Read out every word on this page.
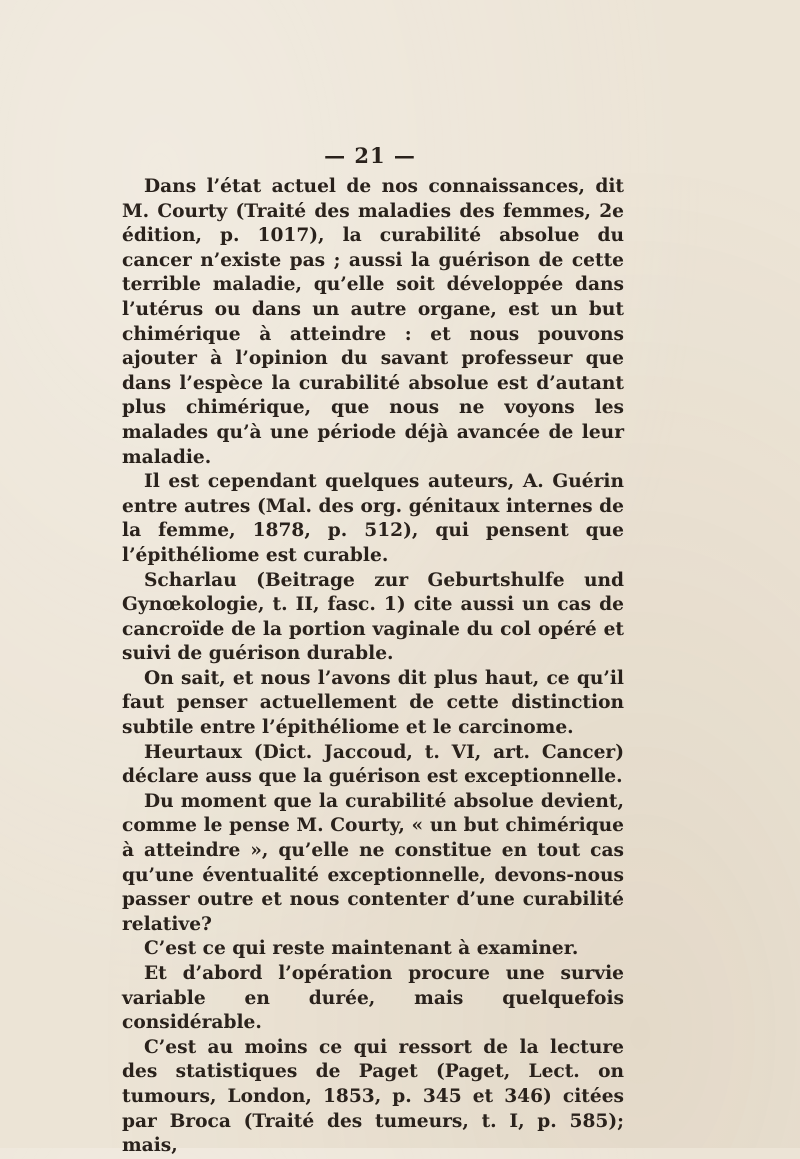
— 21 —

Dans l’état actuel de nos connaissances, dit M. Courty (Traité des maladies des femmes, 2e édition, p. 1017), la curabilité absolue du cancer n’existe pas ; aussi la guérison de cette terrible maladie, qu’elle soit développée dans l’utérus ou dans un autre organe, est un but chimérique à atteindre : et nous pouvons ajouter à l’opinion du savant professeur que dans l’espèce la curabilité absolue est d’autant plus chimérique, que nous ne voyons les malades qu’à une période déjà avancée de leur maladie.

Il est cependant quelques auteurs, A. Guérin entre autres (Mal. des org. génitaux internes de la femme, 1878, p. 512), qui pensent que l’épithéliome est curable.

Scharlau (Beitrage zur Geburtshulfe und Gynœkologie, t. II, fasc. 1) cite aussi un cas de cancroïde de la portion vaginale du col opéré et suivi de guérison durable.

On sait, et nous l’avons dit plus haut, ce qu’il faut penser actuellement de cette distinction subtile entre l’épithéliome et le carcinome.

Heurtaux (Dict. Jaccoud, t. VI, art. Cancer) déclare auss que la guérison est exceptionnelle.

Du moment que la curabilité absolue devient, comme le pense M. Courty, « un but chimérique à atteindre », qu’elle ne constitue en tout cas qu’une éventualité exceptionnelle, devons-nous passer outre et nous contenter d’une curabilité relative?

C’est ce qui reste maintenant à examiner.

Et d’abord l’opération procure une survie variable en durée, mais quelquefois considérable.

C’est au moins ce qui ressort de la lecture des statistiques de Paget (Paget, Lect. on tumours, London, 1853, p. 345 et 346) citées par Broca (Traité des tumeurs, t. I, p. 585); mais,
